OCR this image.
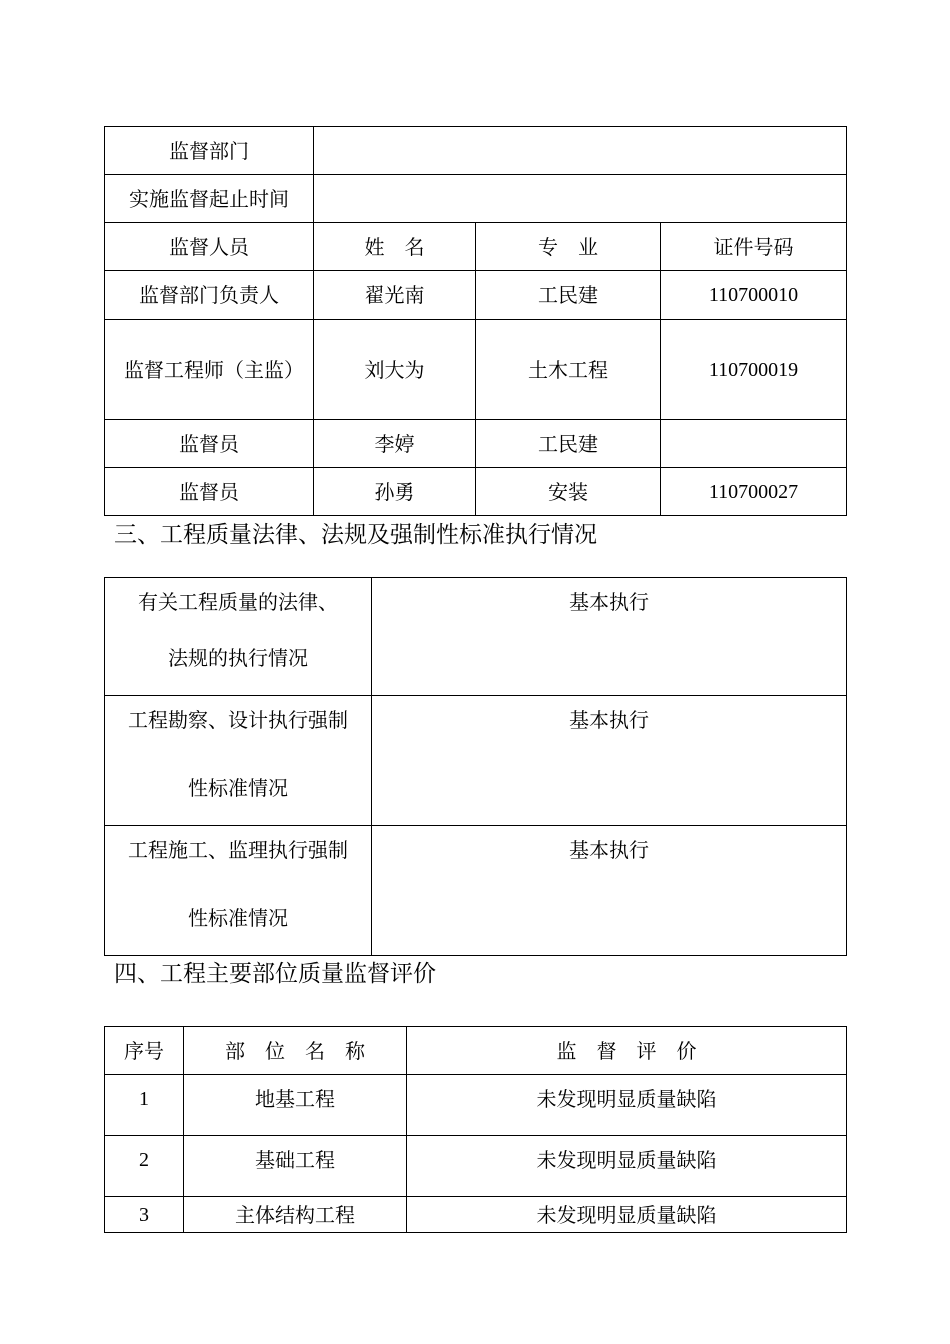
监督部门			
实施监督起止时间			
监督人员	姓　名	专　业	证件号码
监督部门负责人	翟光南	工民建	110700010
监督工程师（主监）	刘大为	土木工程	110700019
监督员	李婷	工民建	
监督员	孙勇	安装	110700027
三、工程质量法律、法规及强制性标准执行情况
有关工程质量的法律、
法规的执行情况	基本执行

工程勘察、设计执行强制
性标准情况	基本执行

工程施工、监理执行强制
性标准情况	基本执行
四、工程主要部位质量监督评价
序号	部　位　名　称	监　督　评　价
1	地基工程	未发现明显质量缺陷
2	基础工程	未发现明显质量缺陷
3	主体结构工程	未发现明显质量缺陷
